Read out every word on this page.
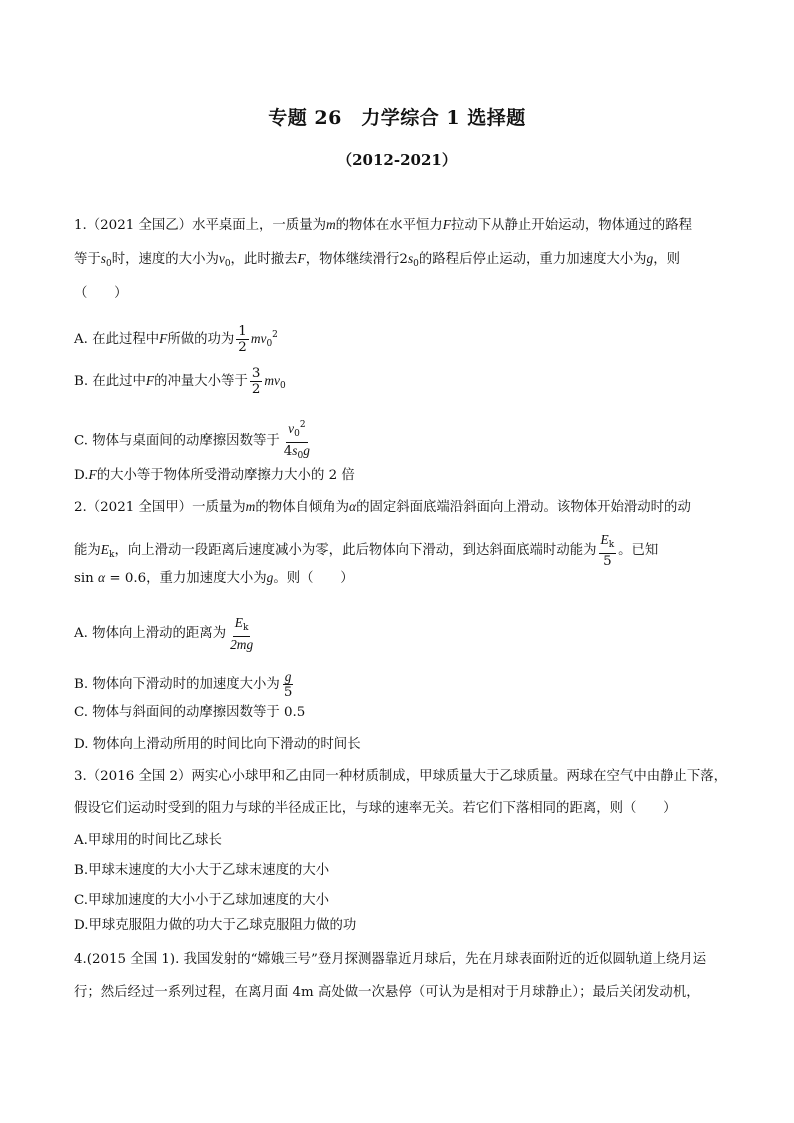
专题 26　力学综合 1 选择题
（2012-2021）
1.（2021 全国乙）水平桌面上，一质量为m的物体在水平恒力F拉动下从静止开始运动，物体通过的路程
等于$s_0$时，速度的大小为$v_0$，此时撤去F，物体继续滑行$2s_0$的路程后停止运动，重力加速度大小为g，则
（　　）
A. 在此过程中F所做的功为 $\frac{1}{2} mv_0^2$
B. 在此过中F的冲量大小等于 $\frac{3}{2} mv_0$
C. 物体与桌面间的动摩擦因数等于 $\frac{v_0^2}{4s_0g}$
D.F的大小等于物体所受滑动摩擦力大小的 2 倍
2.（2021 全国甲）一质量为m的物体自倾角为α的固定斜面底端沿斜面向上滑动。该物体开始滑动时的动
能为$E_k$，向上滑动一段距离后速度减小为零，此后物体向下滑动，到达斜面底端时动能为 $\frac{E_k}{5}$ 。已知
sin α = 0.6，重力加速度大小为g。则（　　）
A. 物体向上滑动的距离为 $\frac{E_k}{2mg}$
B. 物体向下滑动时的加速度大小为 $\frac{g}{5}$
C. 物体与斜面间的动摩擦因数等于 0.5
D. 物体向上滑动所用的时间比向下滑动的时间长
3.（2016 全国 2）两实心小球甲和乙由同一种材质制成，甲球质量大于乙球质量。两球在空气中由静止下落，
假设它们运动时受到的阻力与球的半径成正比，与球的速率无关。若它们下落相同的距离，则（　　）
A.甲球用的时间比乙球长
B.甲球末速度的大小大于乙球末速度的大小
C.甲球加速度的大小小于乙球加速度的大小
D.甲球克服阻力做的功大于乙球克服阻力做的功
4.(2015 全国 1). 我国发射的“嫦娥三号”登月探测器靠近月球后，先在月球表面附近的近似圆轨道上绕月运
行；然后经过一系列过程，在离月面 4m 高处做一次悬停（可认为是相对于月球静止）；最后关闭发动机，
